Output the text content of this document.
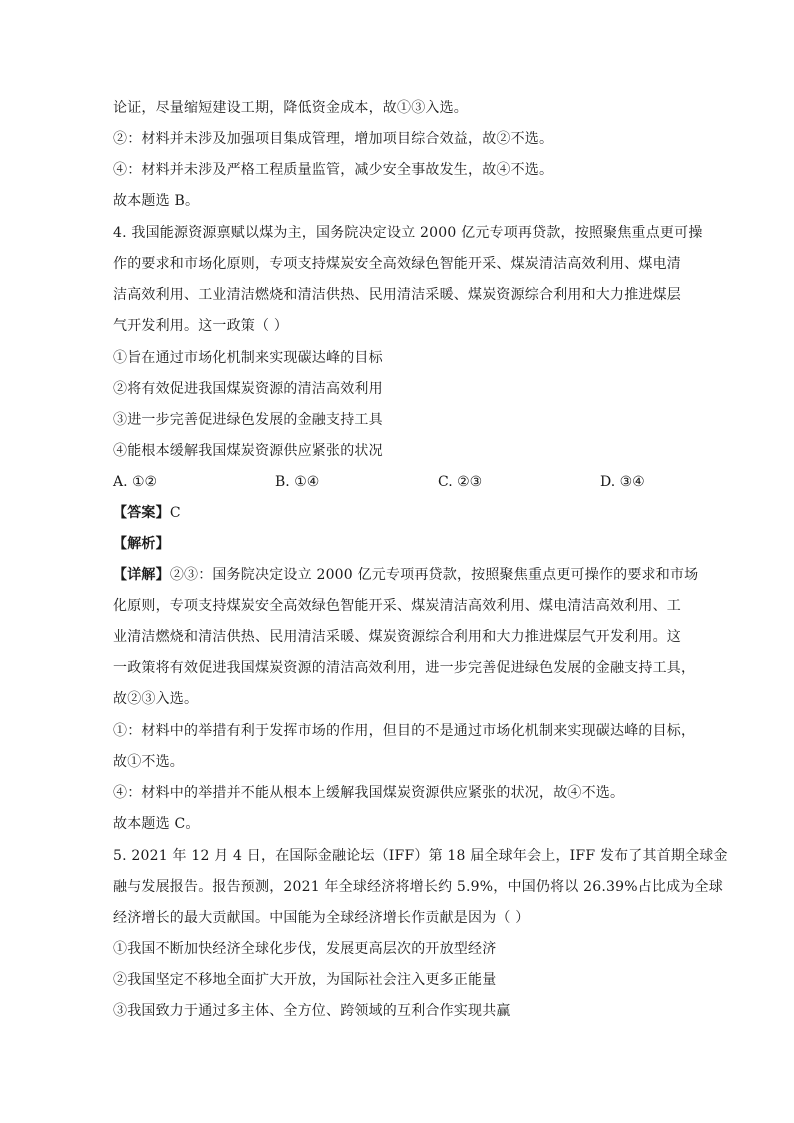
论证，尽量缩短建设工期，降低资金成本，故①③入选。
②：材料并未涉及加强项目集成管理，增加项目综合效益，故②不选。
④：材料并未涉及严格工程质量监管，减少安全事故发生，故④不选。
故本题选 B。
4. 我国能源资源禀赋以煤为主，国务院决定设立 2000 亿元专项再贷款，按照聚焦重点更可操
作的要求和市场化原则，专项支持煤炭安全高效绿色智能开采、煤炭清洁高效利用、煤电清
洁高效利用、工业清洁燃烧和清洁供热、民用清洁采暖、煤炭资源综合利用和大力推进煤层
气开发利用。这一政策（ ）
①旨在通过市场化机制来实现碳达峰的目标
②将有效促进我国煤炭资源的清洁高效利用
③进一步完善促进绿色发展的金融支持工具
④能根本缓解我国煤炭资源供应紧张的状况
A. ①②	B. ①④	C. ②③	D. ③④
【答案】C
【解析】
【详解】②③：国务院决定设立 2000 亿元专项再贷款，按照聚焦重点更可操作的要求和市场
化原则，专项支持煤炭安全高效绿色智能开采、煤炭清洁高效利用、煤电清洁高效利用、工
业清洁燃烧和清洁供热、民用清洁采暖、煤炭资源综合利用和大力推进煤层气开发利用。这
一政策将有效促进我国煤炭资源的清洁高效利用，进一步完善促进绿色发展的金融支持工具，
故②③入选。
①：材料中的举措有利于发挥市场的作用，但目的不是通过市场化机制来实现碳达峰的目标，
故①不选。
④：材料中的举措并不能从根本上缓解我国煤炭资源供应紧张的状况，故④不选。
故本题选 C。
5. 2021 年 12 月 4 日，在国际金融论坛（IFF）第 18 届全球年会上，IFF 发布了其首期全球金
融与发展报告。报告预测，2021 年全球经济将增长约 5.9%，中国仍将以 26.39%占比成为全球
经济增长的最大贡献国。中国能为全球经济增长作贡献是因为（ ）
①我国不断加快经济全球化步伐，发展更高层次的开放型经济
②我国坚定不移地全面扩大开放，为国际社会注入更多正能量
③我国致力于通过多主体、全方位、跨领域的互利合作实现共赢
